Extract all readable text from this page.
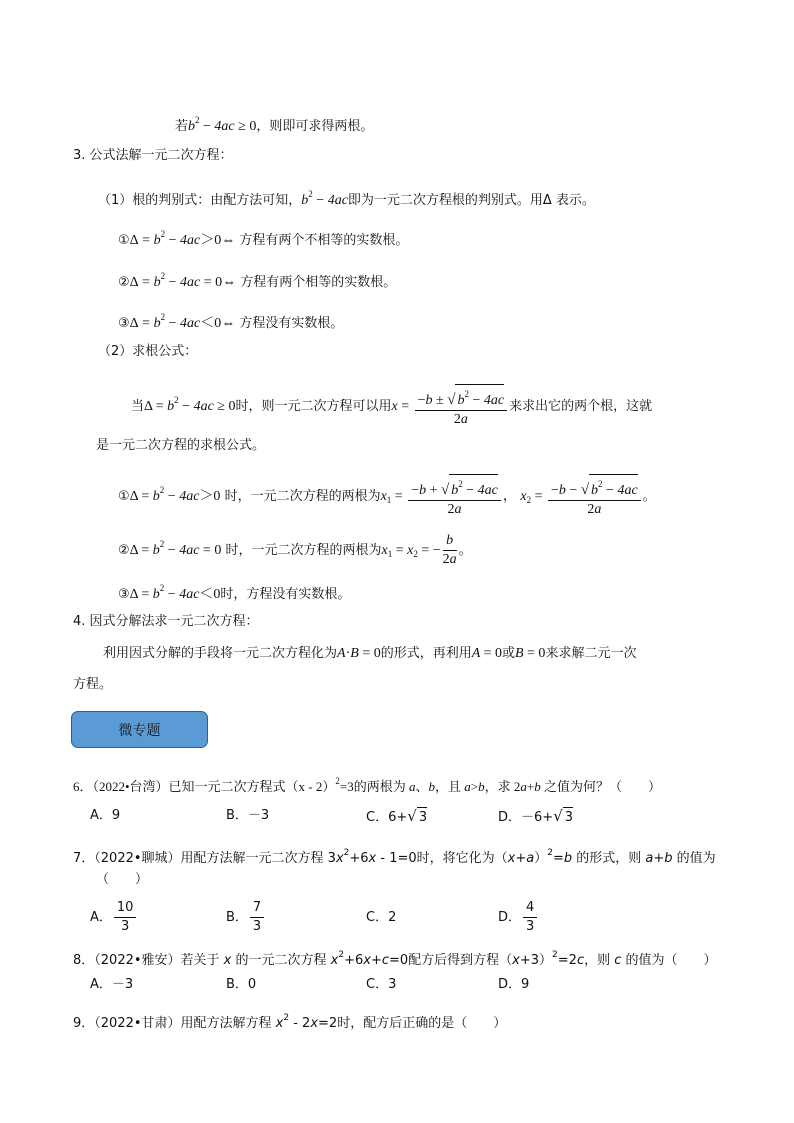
若$b^2 - 4ac \ge 0$，则即可求得两根。
3. 公式法解一元二次方程：
（1）根的判别式：由配方法可知，$b^2 - 4ac$即为一元二次方程根的判别式。用Δ 表示。
①Δ = $b^2$ − 4ac＞0⇔ 方程有两个不相等的实数根。
②Δ = $b^2 - 4ac$ = 0⇔ 方程有两个相等的实数根。
③Δ = $b^2$ − 4ac＜0⇔ 方程没有实数根。
（2）求根公式：
当$\Delta = b^2 - 4ac \ge 0$时，则一元二次方程可以用$x = \frac{-b \pm √ b^2 - 4ac}{2a}$ 来求出它的两个根，这就
是一元二次方程的求根公式。
①Δ = $b^2 - 4ac>0$ 时，一元二次方程的两根为$x_1 = \frac{-b + √ b^2 - 4ac}{2a}$ ， $x_2 = \frac{-b - √ b^2 - 4ac}{2a}$ 。
②Δ = $b^2 - 4ac = 0$ 时，一元二次方程的两根为$x_1 = x_2$ = − $\frac{b}{2a}$ 。
③Δ = $b^2 - 4ac<0$时，方程没有实数根。
4. 因式分解法求一元二次方程：
利用因式分解的手段将一元二次方程化为A·B = 0的形式，再利用A = 0或B = 0来求解二元一次
方程。
微专题
6．（2022•台湾）已知一元二次方程式（x - 2）$^2$=3的两根为 a、b，且 a>b，求 2a+b 之值为何？（　　）
A．9	B．－3	C．6+√ 3	D．－6+√ 3
7．（2022•聊城）用配方法解一元二次方程 $3x^2+6x - 1=0$时，将它化为$(x+a)^2=b$ 的形式，则 a+b 的值为
（　　）
A． $\frac{10}{3}$	B． $\frac{7}{3}$	C．2	D． $\frac{4}{3}$
8．（2022•雅安）若关于 x 的一元二次方程 $x^2+6x+c=0$配方后得到方程$(x+3)^2=2c$，则 c 的值为（　　）
A．－3	B．0	C．3	D．9
9．（2022•甘肃）用配方法解方程 $x^2 - 2x=2$时，配方后正确的是（　　）
